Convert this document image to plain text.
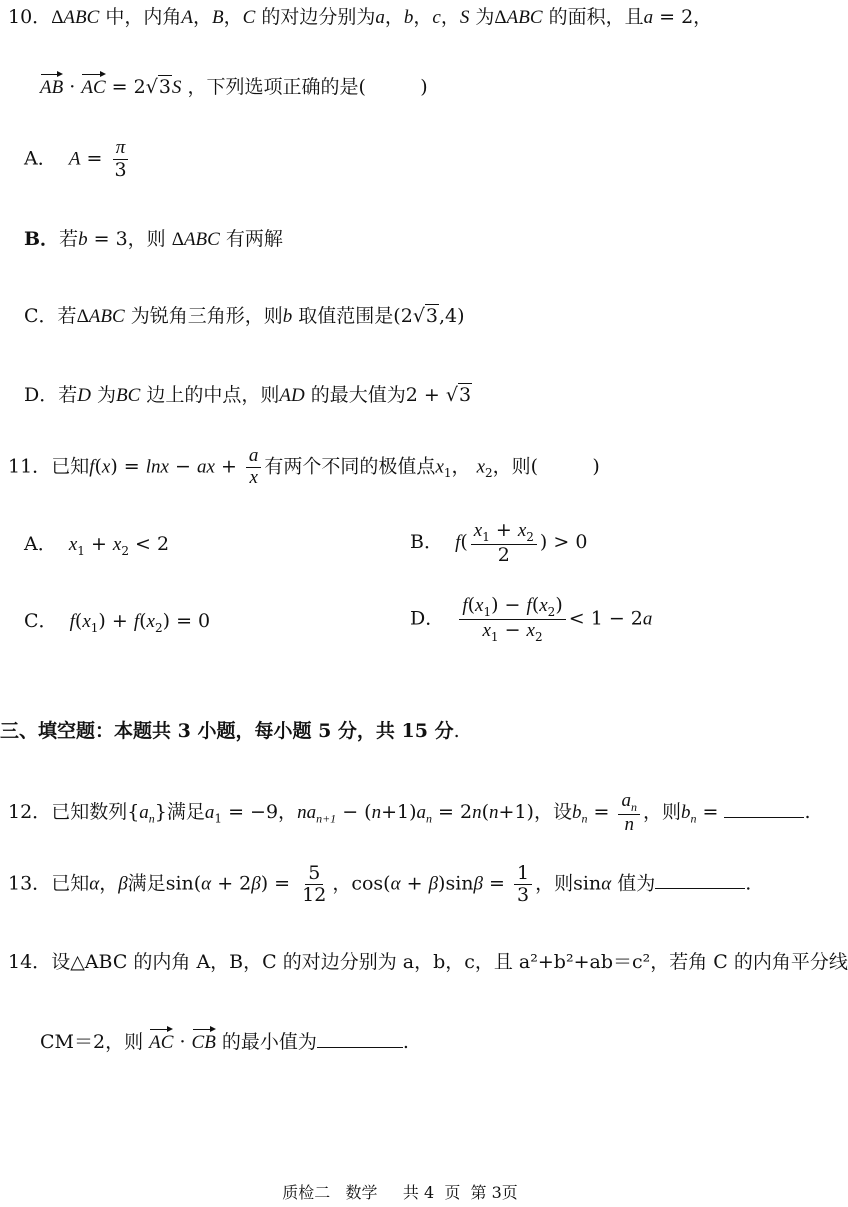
10．ΔABC 中，内角A，B，C 的对边分别为a，b，c，S 为ΔABC 的面积，且a = 2，
AB · AC = 2√3S ，下列选项正确的是(	)
A． $A = \frac{\pi}{3}$
B．若b = 3，则 ΔABC 有两解
C．若ΔABC 为锐角三角形，则b 取值范围是(2√3,4)
D．若D 为BC 边上的中点，则AD 的最大值为2 + √3
11．已知f(x) = lnx − ax + $\frac{a}{x}$ 有两个不同的极值点$x_1$， $x_2$，则(	)
A． $x_1 + x_2 < 2$	B． $f( \frac{x_1 + x_2}{2}$ ) > 0
C． $f(x_1) + f(x_2) = 0$	D． $\frac{f(x_1) - f(x_2)}{x_1 - x_2} < 1 - 2a$
三、填空题：本题共 3 小题，每小题 5 分，共 15 分.
12．已知数列$\{a_n\}$满足$a_1 = -9$，$na_{n+1} - (n+1)a_n = 2n(n+1)$，设$b_n = \frac{a_n}{n}$ ，则$b_n$ =	.
13．已知α，β满足$\sin(\alpha + 2\beta) = \frac{5}{12}$ ，$\cos(\alpha + \beta)\sin\beta = \frac{1}{3}$ ，则sinα 值为	.
14．设△ABC 的内角 A，B，C 的对边分别为 a，b，c，且 a²+b²+ab＝c²，若角 C 的内角平分线
CM＝2，则 AC · CB 的最小值为	.
质检二   数学     共 4  页  第 3页
